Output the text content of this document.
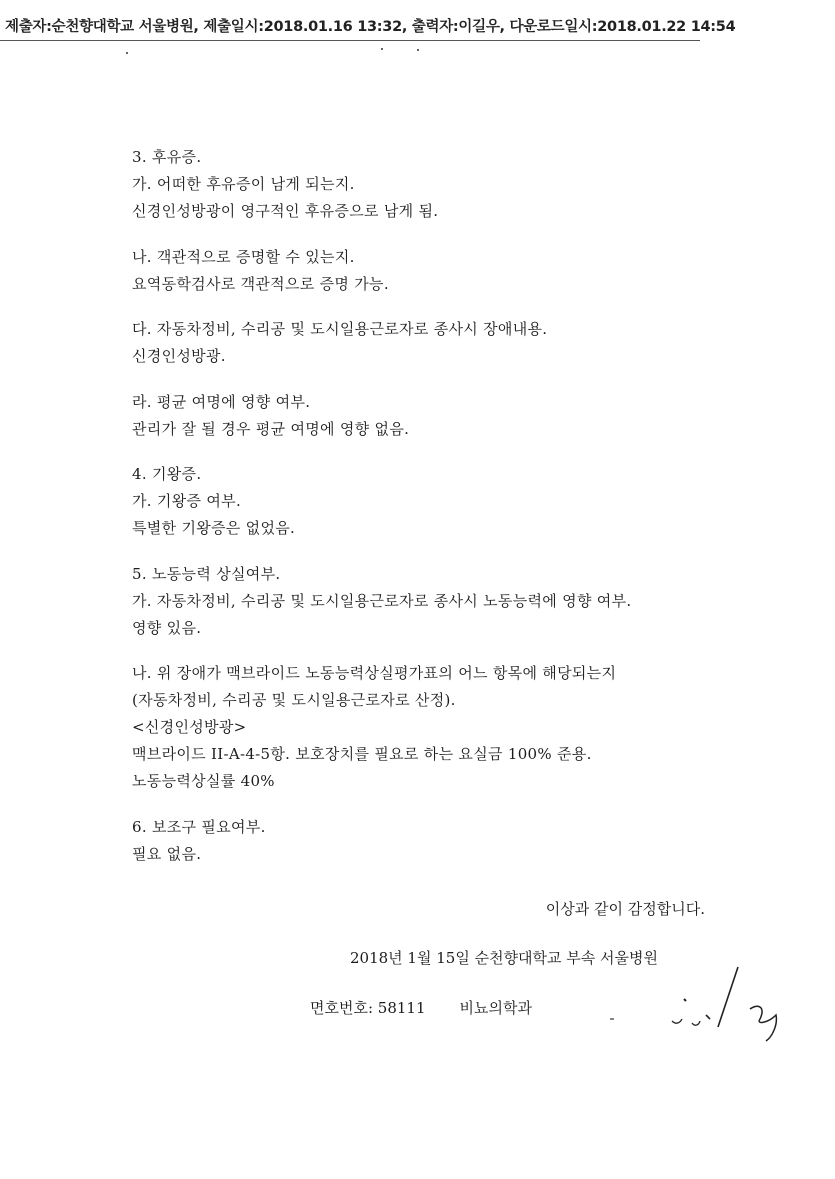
제출자:순천향대학교 서울병원, 제출일시:2018.01.16 13:32, 출력자:이길우, 다운로드일시:2018.01.22 14:54
3. 후유증.
가. 어떠한 후유증이 남게 되는지.
신경인성방광이 영구적인 후유증으로 남게 됨.
나. 객관적으로 증명할 수 있는지.
요역동학검사로 객관적으로 증명 가능.
다. 자동차정비, 수리공 및 도시일용근로자로 종사시 장애내용.
신경인성방광.
라. 평균 여명에 영향 여부.
관리가 잘 될 경우 평균 여명에 영향 없음.
4. 기왕증.
가. 기왕증 여부.
특별한 기왕증은 없었음.
5. 노동능력 상실여부.
가. 자동차정비, 수리공 및 도시일용근로자로 종사시 노동능력에 영향 여부.
영향 있음.
나. 위 장애가 맥브라이드 노동능력상실평가표의 어느 항목에 해당되는지
(자동차정비, 수리공 및 도시일용근로자로 산정).
<신경인성방광>
맥브라이드 II-A-4-5항. 보호장치를 필요로 하는 요실금 100% 준용.
노동능력상실률 40%
6. 보조구 필요여부.
필요 없음.
이상과 같이 감정합니다.
2018년 1월 15일 순천향대학교 부속 서울병원
면호번호: 58111 비뇨의학과
